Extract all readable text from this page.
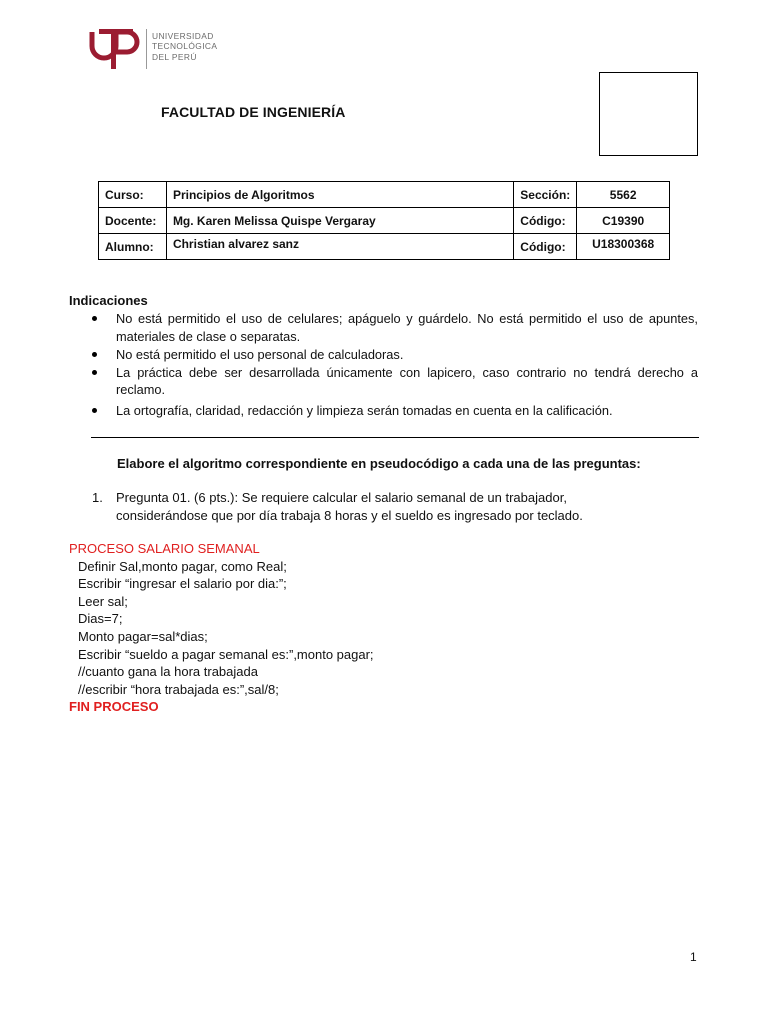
UNIVERSIDAD
TECNOLÓGICA
DEL PERÚ
FACULTAD DE INGENIERÍA
Curso:	Principios de Algoritmos	Sección:	5562
Docente:	Mg. Karen Melissa Quispe Vergaray	Código:	C19390
Alumno:	Christian alvarez sanz	Código:	U18300368
Indicaciones
No está permitido el uso de celulares; apáguelo y guárdelo. No está permitido el uso de apuntes, materiales de clase o separatas.
No está permitido el uso personal de calculadoras.
La práctica debe ser desarrollada únicamente con lapicero, caso contrario no tendrá derecho a reclamo.
La ortografía, claridad, redacción y limpieza serán tomadas en cuenta en la calificación.
Elabore el algoritmo correspondiente en pseudocódigo a cada una de las preguntas:
1. Pregunta 01. (6 pts.): Se requiere calcular el salario semanal de un trabajador,
considerándose que por día trabaja 8 horas y el sueldo es ingresado por teclado.
PROCESO SALARIO SEMANAL
Definir Sal,monto pagar, como Real;
Escribir “ingresar el salario por dia:”;
Leer sal;
Dias=7;
Monto pagar=sal*dias;
Escribir “sueldo a pagar semanal es:”,monto pagar;
//cuanto gana la hora trabajada
//escribir “hora trabajada es:”,sal/8;
FIN PROCESO
1
